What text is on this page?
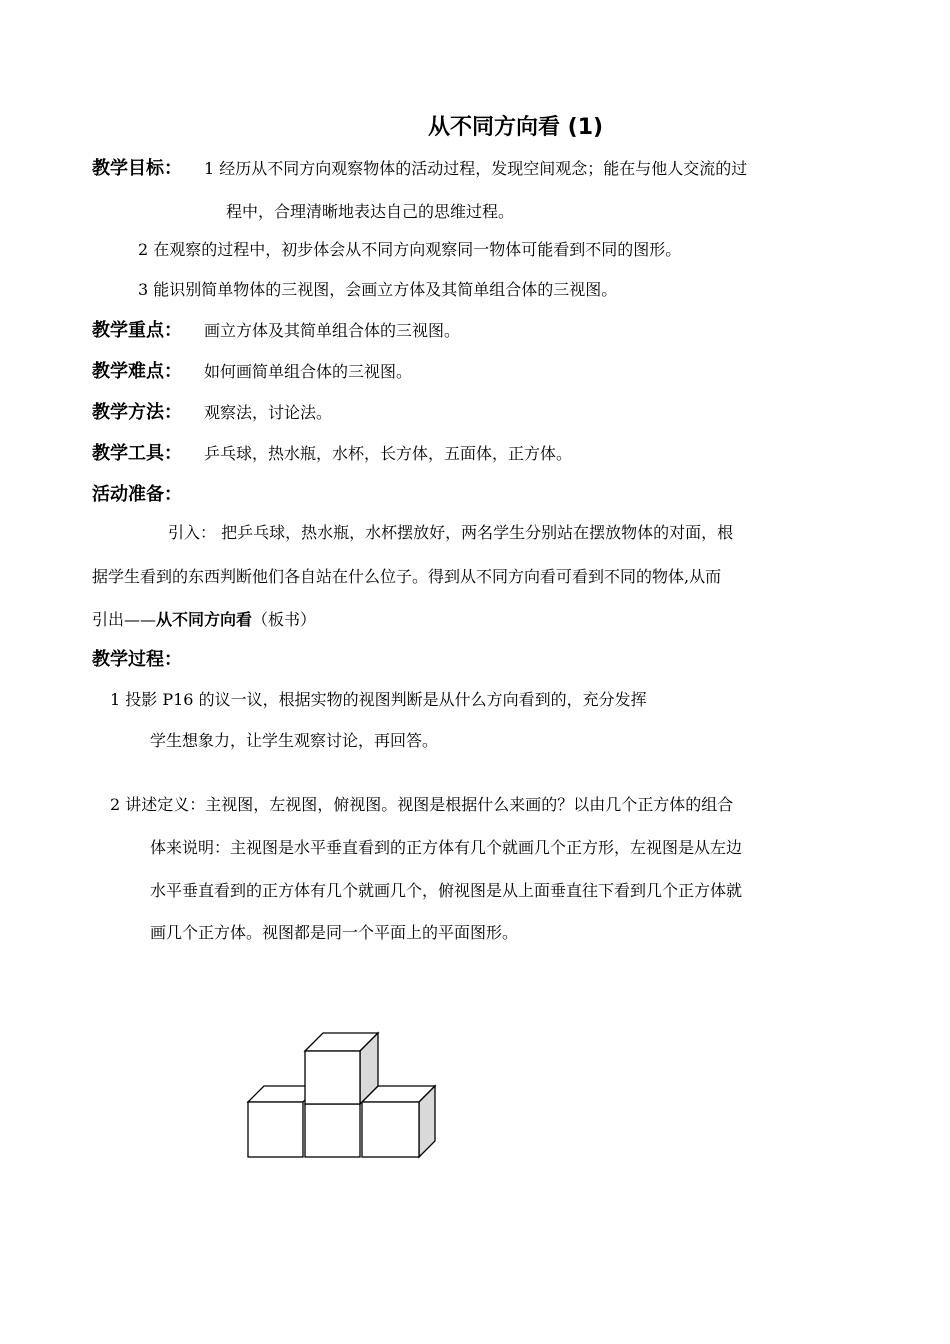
从不同方向看 (1)
教学目标： 1 经历从不同方向观察物体的活动过程，发现空间观念；能在与他人交流的过
程中，合理清晰地表达自己的思维过程。
2 在观察的过程中，初步体会从不同方向观察同一物体可能看到不同的图形。
3 能识别简单物体的三视图，会画立方体及其简单组合体的三视图。
教学重点： 画立方体及其简单组合体的三视图。
教学难点： 如何画简单组合体的三视图。
教学方法： 观察法，讨论法。
教学工具： 乒乓球，热水瓶，水杯，长方体，五面体，正方体。
活动准备：
引入： 把乒乓球，热水瓶，水杯摆放好，两名学生分别站在摆放物体的对面，根
据学生看到的东西判断他们各自站在什么位子。得到从不同方向看可看到不同的物体,从而
引出——从不同方向看（板书）
教学过程：
1 投影 P16 的议一议，根据实物的视图判断是从什么方向看到的，充分发挥
学生想象力，让学生观察讨论，再回答。
2 讲述定义：主视图，左视图，俯视图。视图是根据什么来画的？以由几个正方体的组合
体来说明：主视图是水平垂直看到的正方体有几个就画几个正方形，左视图是从左边
水平垂直看到的正方体有几个就画几个，俯视图是从上面垂直往下看到几个正方体就
画几个正方体。视图都是同一个平面上的平面图形。
